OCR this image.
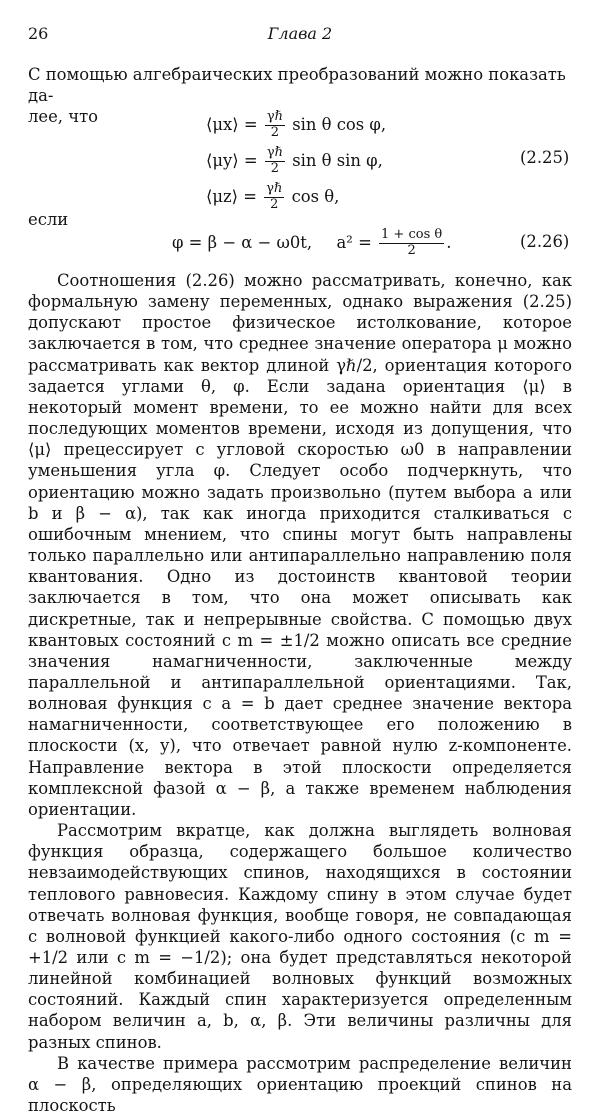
26	Глава 2

С помощью алгебраических преобразований можно показать да-

лее, что	⟨μx⟩ = $\frac{\text{γℏ}}{2}$ sin θ cos φ,
⟨μy⟩ = $\frac{\text{γℏ}}{2}$ sin θ sin φ,
⟨μz⟩ = $\frac{\text{γℏ}}{2}$ cos θ,
(2.25)
если
φ = β − α − ω0t, $a^2 = \frac{\text{1 + cos θ}}{2}$ .	(2.26)

Соотношения (2.26) можно рассматривать, конечно, как формальную замену переменных, однако выражения (2.25) допускают простое физическое истолкование, которое заключается в том, что среднее значение оператора μ можно рассматривать как вектор длиной γℏ/2, ориентация которого задается углами θ, φ. Если задана ориентация ⟨μ⟩ в некоторый момент времени, то ее можно найти для всех последующих моментов времени, исходя из допущения, что ⟨μ⟩ прецессирует с угловой скоростью ω0 в направлении уменьшения угла φ. Следует особо подчеркнуть, что ориентацию можно задать произвольно (путем выбора a или b и β − α), так как иногда приходится сталкиваться с ошибочным мнением, что спины могут быть направлены только параллельно или антипараллельно направлению поля квантования. Одно из достоинств квантовой теории заключается в том, что она может описывать как дискретные, так и непрерывные свойства. С помощью двух квантовых состояний с m = ±1/2 можно описать все средние значения намагниченности, заключенные между параллельной и антипараллельной ориентациями. Так, волновая функция с a = b дает среднее значение вектора намагниченности, соответствующее его положению в плоскости (x, y), что отвечает равной нулю z-компоненте. Направление вектора в этой плоскости определяется комплексной фазой α − β, а также временем наблюдения ориентации.

Рассмотрим вкратце, как должна выглядеть волновая функция образца, содержащего большое количество невзаимодействующих спинов, находящихся в состоянии теплового равновесия. Каждому спину в этом случае будет отвечать волновая функция, вообще говоря, не совпадающая с волновой функцией какого-либо одного состояния (с m = +1/2 или с m = −1/2); она будет представляться некоторой линейной комбинацией волновых функций возможных состояний. Каждый спин характеризуется определенным набором величин a, b, α, β. Эти величины различны для разных спинов.

В качестве примера рассмотрим распределение величин α − β, определяющих ориентацию проекций спинов на плоскость
